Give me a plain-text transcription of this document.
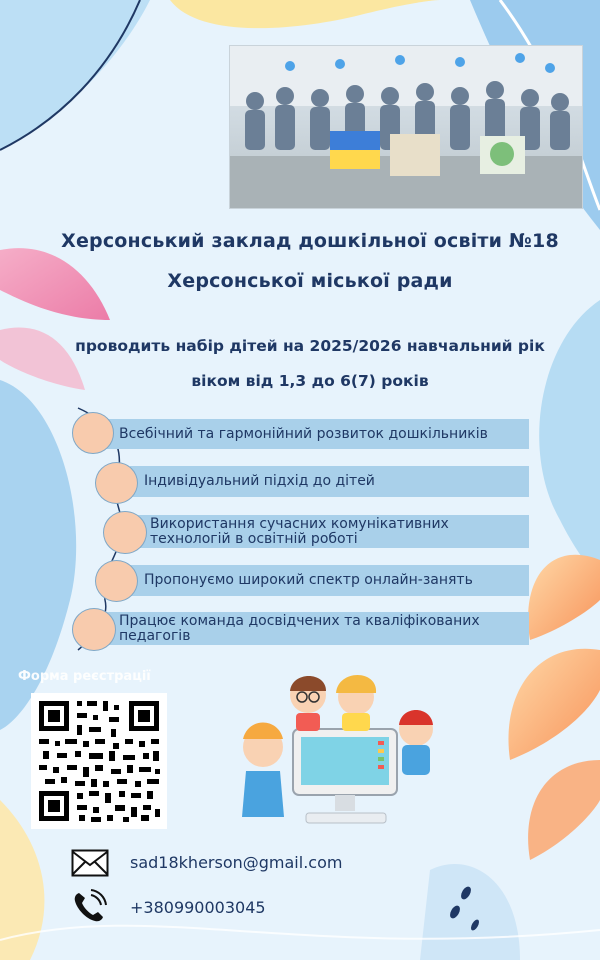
Херсонський заклад дошкільної освіти №18
Херсонської міської ради
проводить набір дітей на 2025/2026 навчальний рік
віком від 1,3 до 6(7) років
Всебічний та гармонійний розвиток дошкільників
Індивідуальний підхід до дітей
Використання сучасних комунікативних технологій в освітній роботі
Пропонуємо широкий спектр онлайн-занять
Працює команда досвідчених та кваліфікованих педагогів
Форма реєстрації
sad18kherson@gmail.com
+380990003045
